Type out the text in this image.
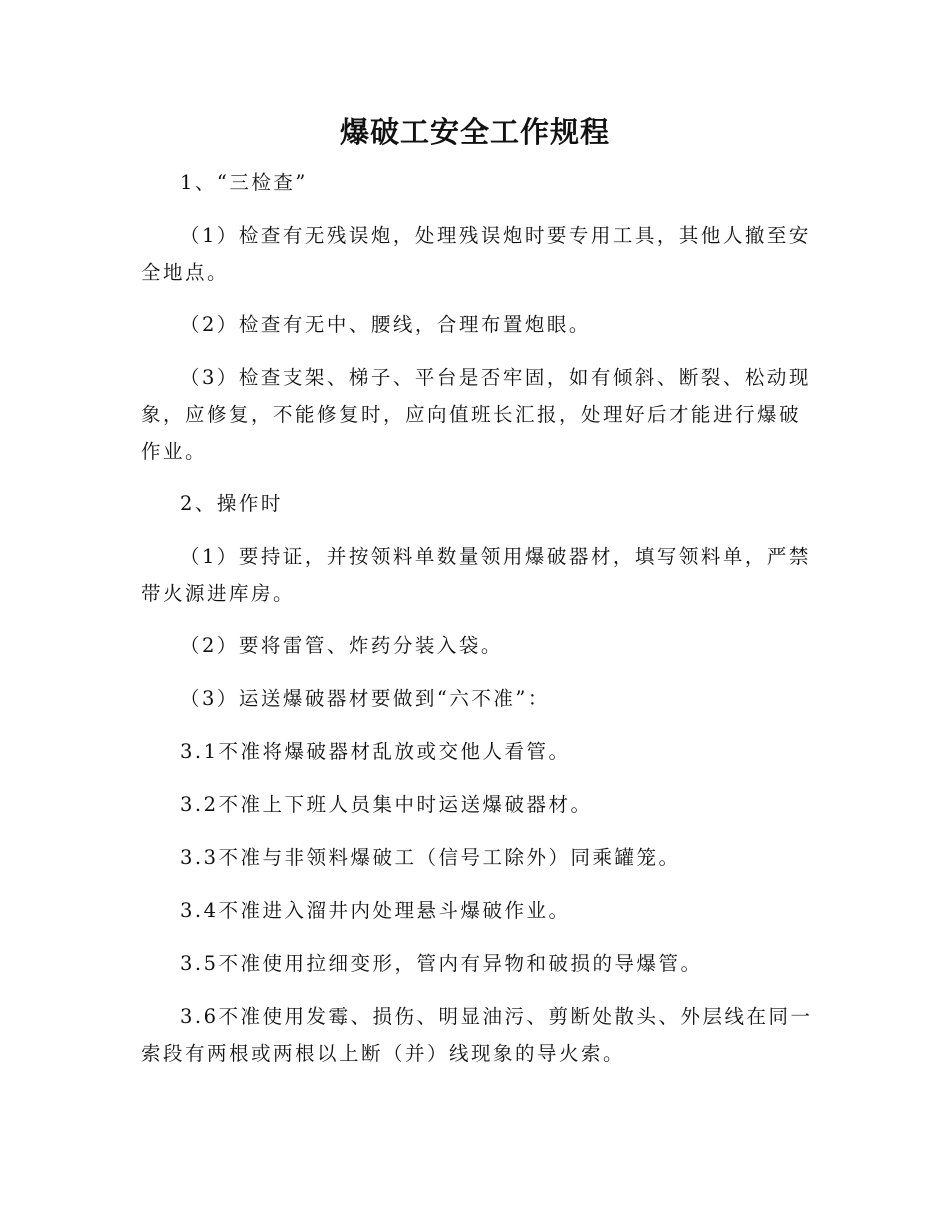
爆破工安全工作规程

1、“三检查”

（1）检查有无残误炮，处理残误炮时要专用工具，其他人撤至安全地点。

（2）检查有无中、腰线，合理布置炮眼。

（3）检查支架、梯子、平台是否牢固，如有倾斜、断裂、松动现象，应修复，不能修复时，应向值班长汇报，处理好后才能进行爆破作业。

2、操作时

（1）要持证，并按领料单数量领用爆破器材，填写领料单，严禁带火源进库房。

（2）要将雷管、炸药分装入袋。

（3）运送爆破器材要做到“六不准”：

3.1不准将爆破器材乱放或交他人看管。

3.2不准上下班人员集中时运送爆破器材。

3.3不准与非领料爆破工（信号工除外）同乘罐笼。

3.4不准进入溜井内处理悬斗爆破作业。

3.5不准使用拉细变形，管内有异物和破损的导爆管。

3.6不准使用发霉、损伤、明显油污、剪断处散头、外层线在同一索段有两根或两根以上断（并）线现象的导火索。
